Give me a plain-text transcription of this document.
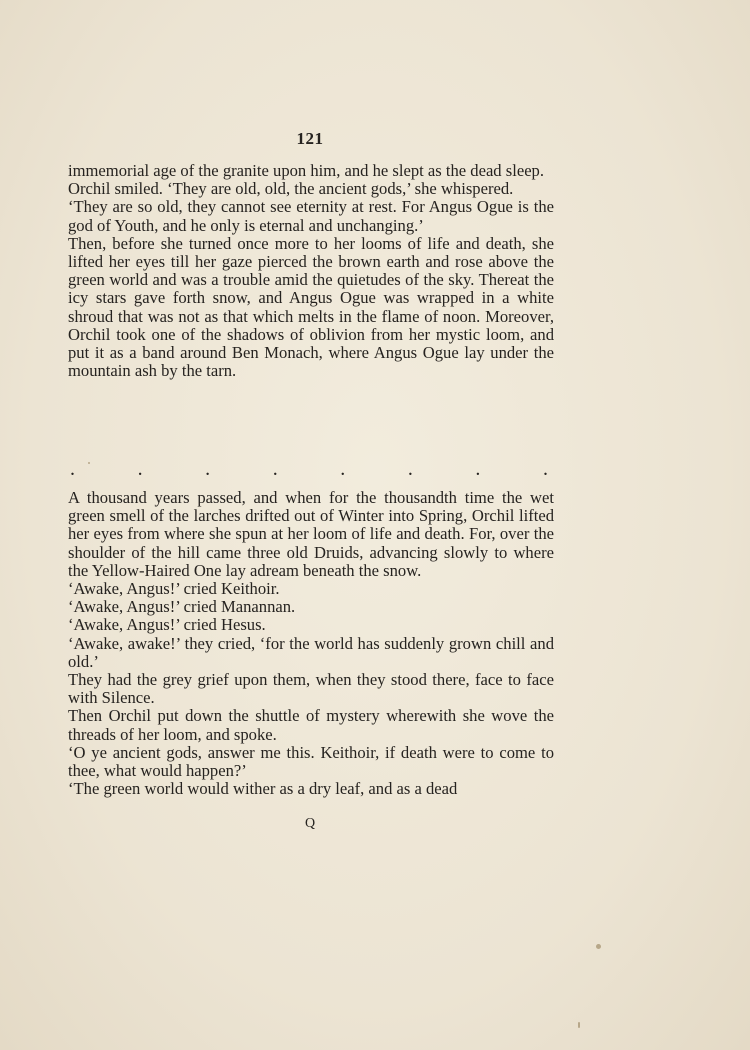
121

immemorial age of the granite upon him, and he slept as the dead sleep.

Orchil smiled. ‘They are old, old, the ancient gods,’ she whispered.

‘They are so old, they cannot see eternity at rest. For Angus Ogue is the god of Youth, and he only is eternal and unchanging.’

Then, before she turned once more to her looms of life and death, she lifted her eyes till her gaze pierced the brown earth and rose above the green world and was a trouble amid the quietudes of the sky. Thereat the icy stars gave forth snow, and Angus Ogue was wrapped in a white shroud that was not as that which melts in the flame of noon. Moreover, Orchil took one of the shadows of oblivion from her mystic loom, and put it as a band around Ben Monach, where Angus Ogue lay under the mountain ash by the tarn.

.	.	.	.	.	.	.	.

A thousand years passed, and when for the thousandth time the wet green smell of the larches drifted out of Winter into Spring, Orchil lifted her eyes from where she spun at her loom of life and death. For, over the shoulder of the hill came three old Druids, advancing slowly to where the Yellow-Haired One lay adream beneath the snow.

‘Awake, Angus!’ cried Keithoir.

‘Awake, Angus!’ cried Manannan.

‘Awake, Angus!’ cried Hesus.

‘Awake, awake!’ they cried, ‘for the world has suddenly grown chill and old.’

They had the grey grief upon them, when they stood there, face to face with Silence.

Then Orchil put down the shuttle of mystery wherewith she wove the threads of her loom, and spoke.

‘O ye ancient gods, answer me this. Keithoir, if death were to come to thee, what would happen?’

‘The green world would wither as a dry leaf, and as a dead

Q
